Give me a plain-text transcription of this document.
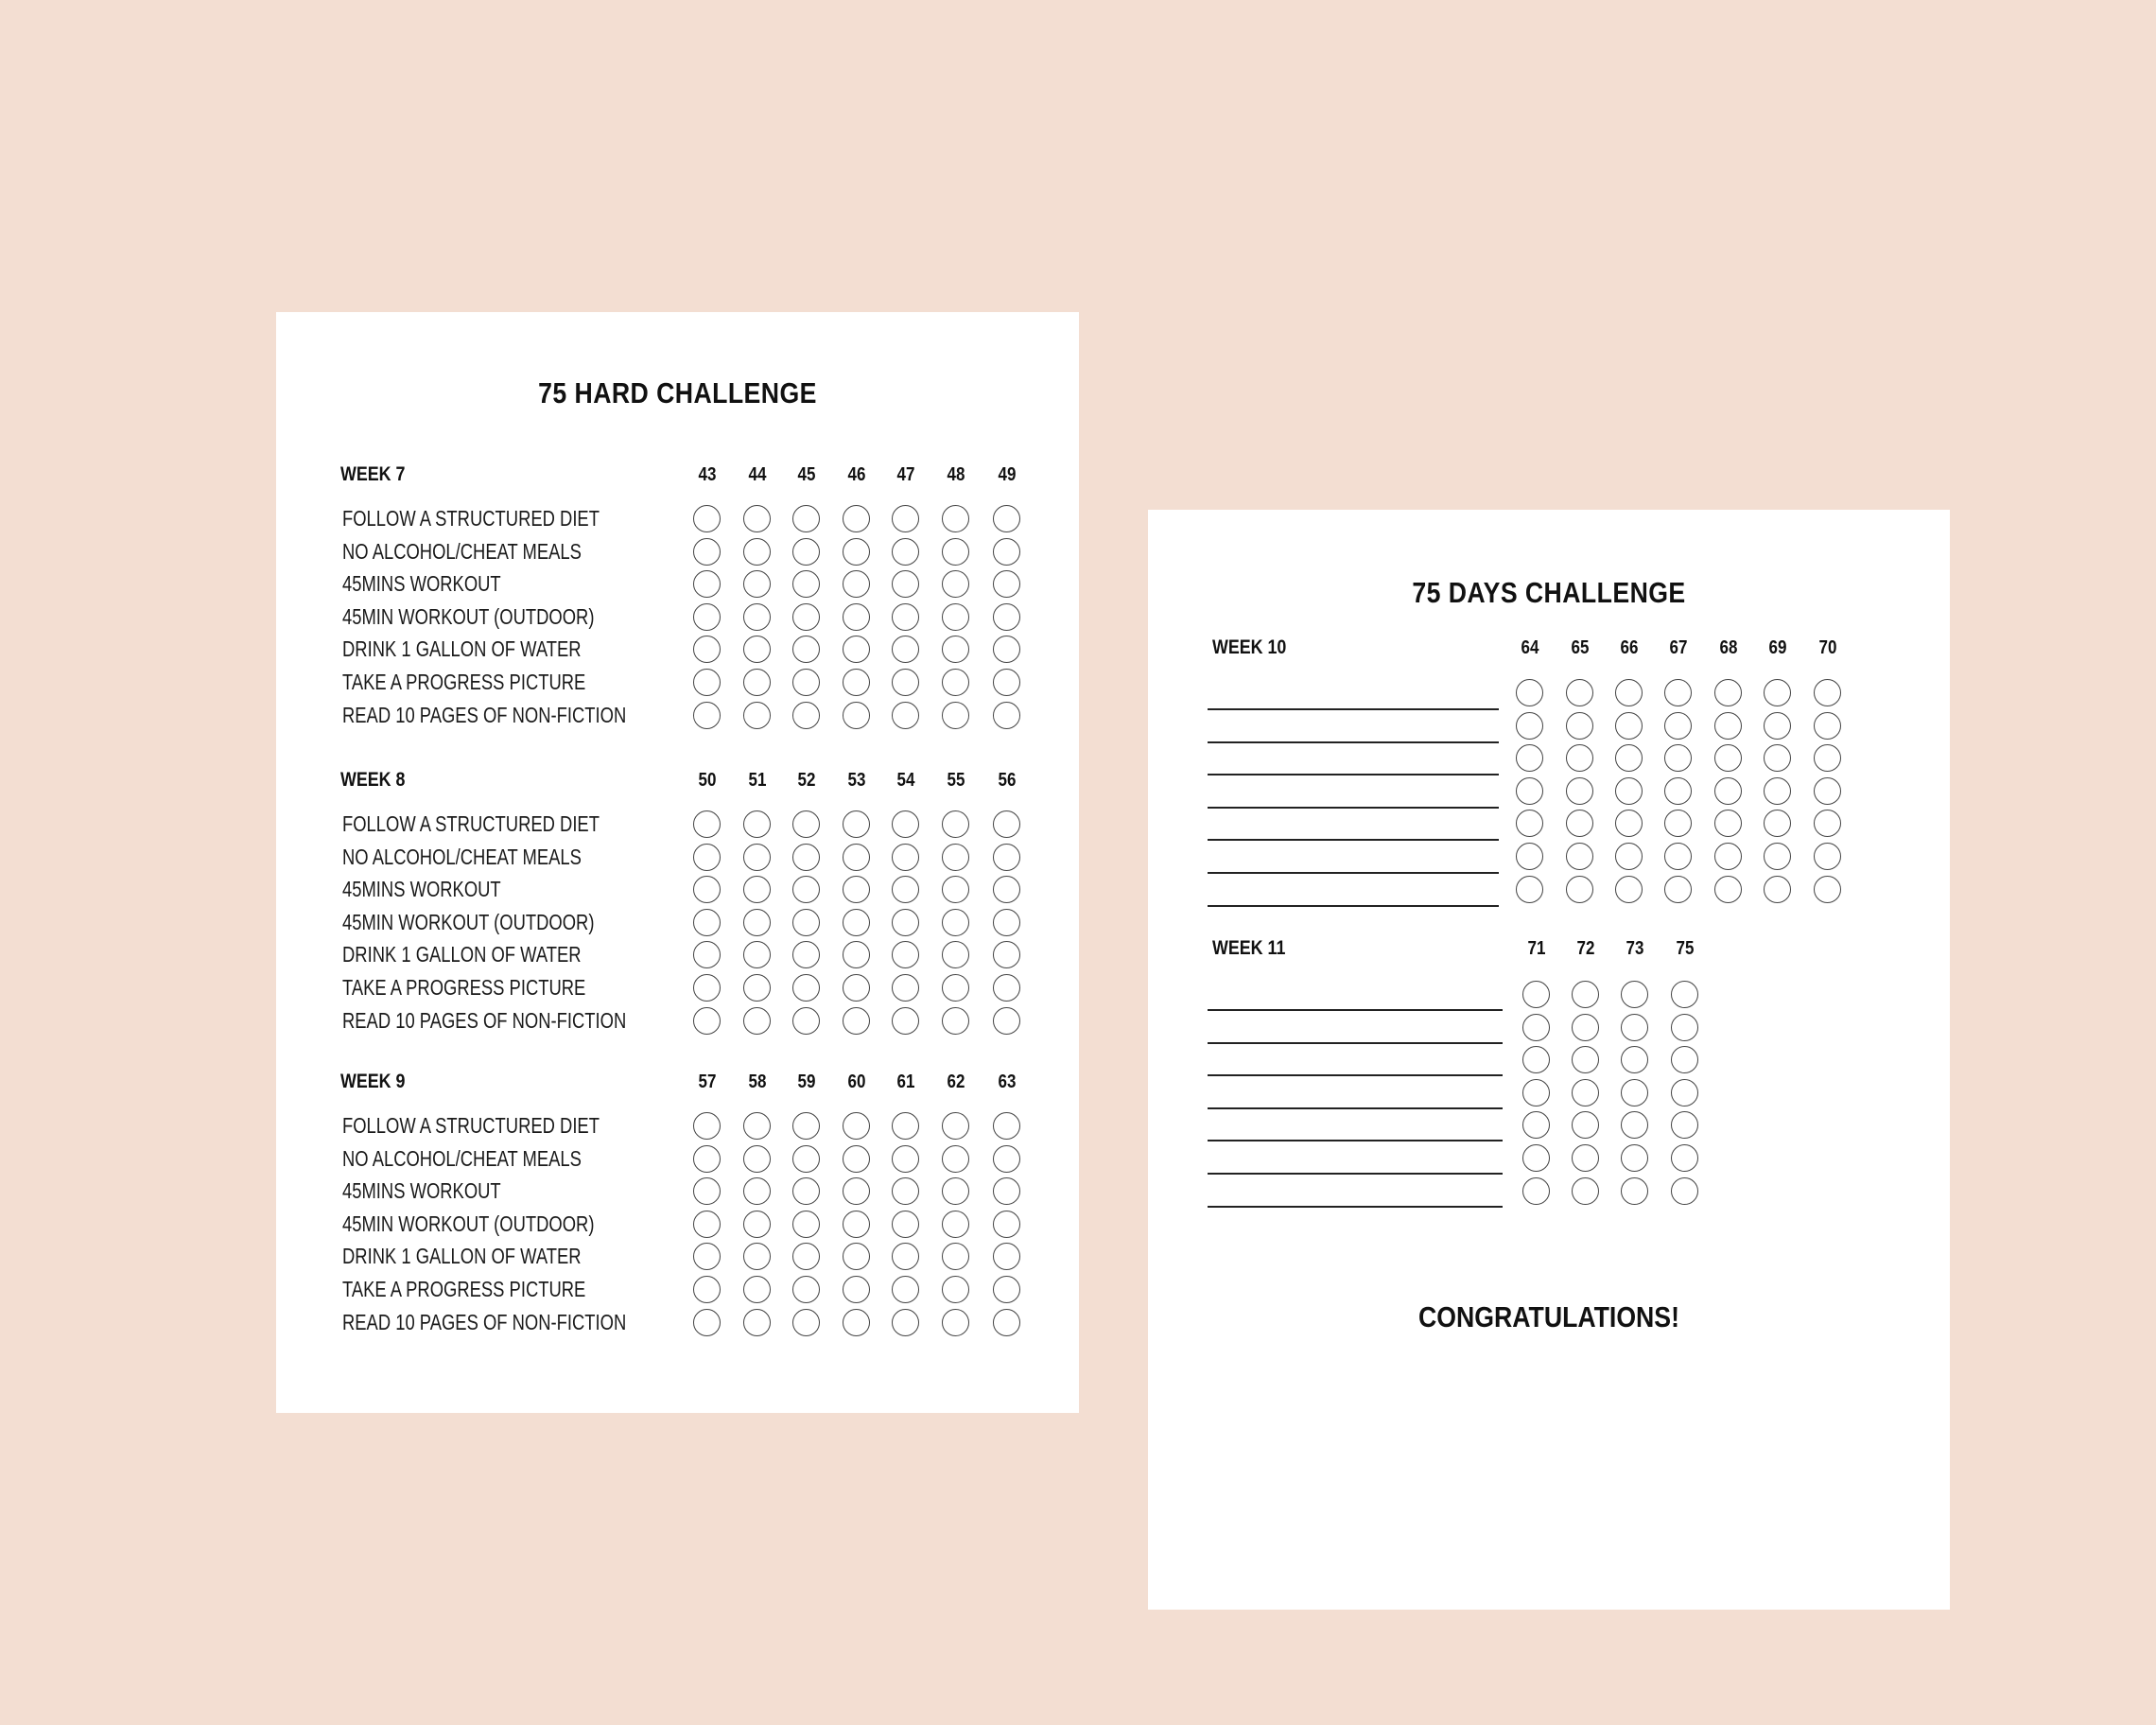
75 HARD CHALLENGE
WEEK 7	43	44	45	46	47	48	49
FOLLOW A STRUCTURED DIET
NO ALCOHOL/CHEAT MEALS
45MINS WORKOUT
45MIN WORKOUT (OUTDOOR)
DRINK 1 GALLON OF WATER
TAKE A PROGRESS PICTURE
READ 10 PAGES OF NON-FICTION
WEEK 8	50	51	52	53	54	55	56
FOLLOW A STRUCTURED DIET
NO ALCOHOL/CHEAT MEALS
45MINS WORKOUT
45MIN WORKOUT (OUTDOOR)
DRINK 1 GALLON OF WATER
TAKE A PROGRESS PICTURE
READ 10 PAGES OF NON-FICTION
WEEK 9	57	58	59	60	61	62	63
FOLLOW A STRUCTURED DIET
NO ALCOHOL/CHEAT MEALS
45MINS WORKOUT
45MIN WORKOUT (OUTDOOR)
DRINK 1 GALLON OF WATER
TAKE A PROGRESS PICTURE
READ 10 PAGES OF NON-FICTION
75 DAYS CHALLENGE
CONGRATULATIONS!
WEEK 10	64	65	66	67	68	69	70
WEEK 11	71	72	73	75
